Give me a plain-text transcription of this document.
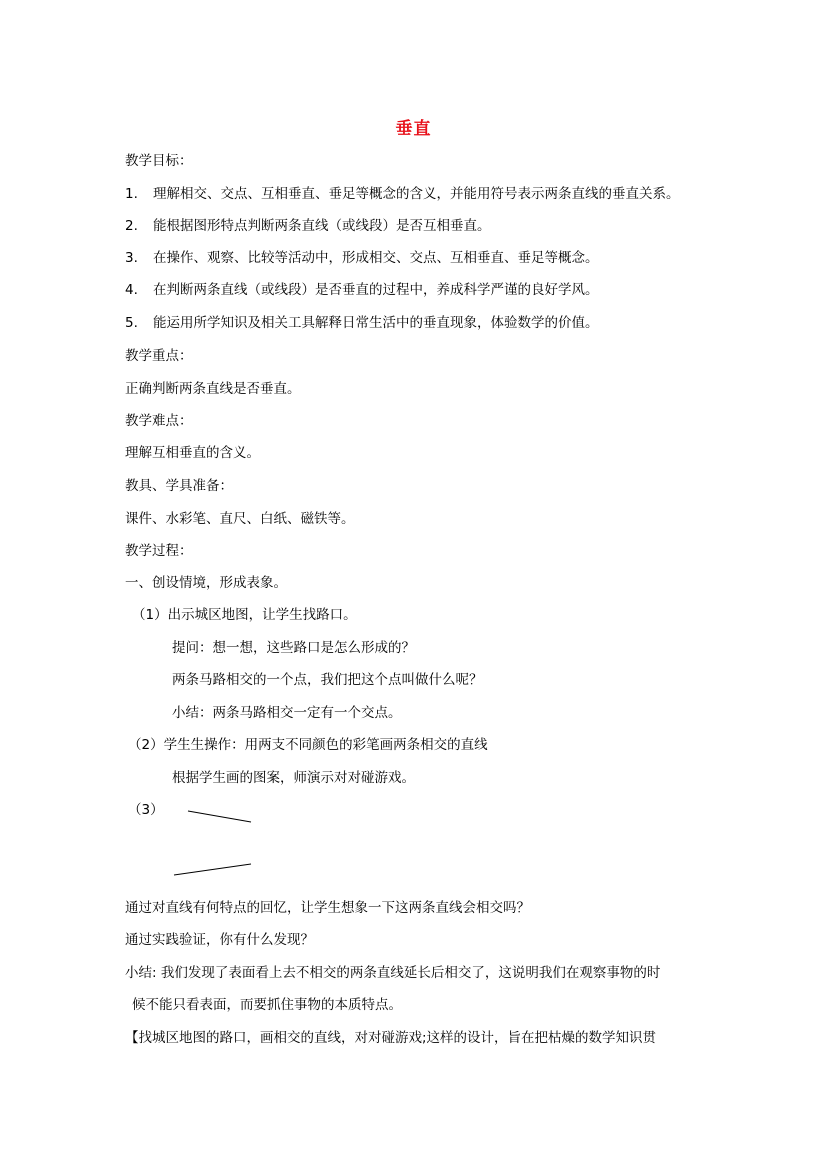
垂直
教学目标：
1. 理解相交、交点、互相垂直、垂足等概念的含义，并能用符号表示两条直线的垂直关系。
2. 能根据图形特点判断两条直线（或线段）是否互相垂直。
3. 在操作、观察、比较等活动中，形成相交、交点、互相垂直、垂足等概念。
4. 在判断两条直线（或线段）是否垂直的过程中，养成科学严谨的良好学风。
5. 能运用所学知识及相关工具解释日常生活中的垂直现象，体验数学的价值。
教学重点：
正确判断两条直线是否垂直。
教学难点：
理解互相垂直的含义。
教具、学具准备：
课件、水彩笔、直尺、白纸、磁铁等。
教学过程：
一、创设情境，形成表象。
（1）出示城区地图，让学生找路口。
提问：想一想，这些路口是怎么形成的？
两条马路相交的一个点，我们把这个点叫做什么呢？
小结：两条马路相交一定有一个交点。
（2）学生生操作：用两支不同颜色的彩笔画两条相交的直线
根据学生画的图案，师演示对对碰游戏。
（3）
通过对直线有何特点的回忆，让学生想象一下这两条直线会相交吗？
通过实践验证，你有什么发现？
小结: 我们发现了表面看上去不相交的两条直线延长后相交了，这说明我们在观察事物的时
候不能只看表面，而要抓住事物的本质特点。
【找城区地图的路口，画相交的直线，对对碰游戏;这样的设计，旨在把枯燥的数学知识贯
